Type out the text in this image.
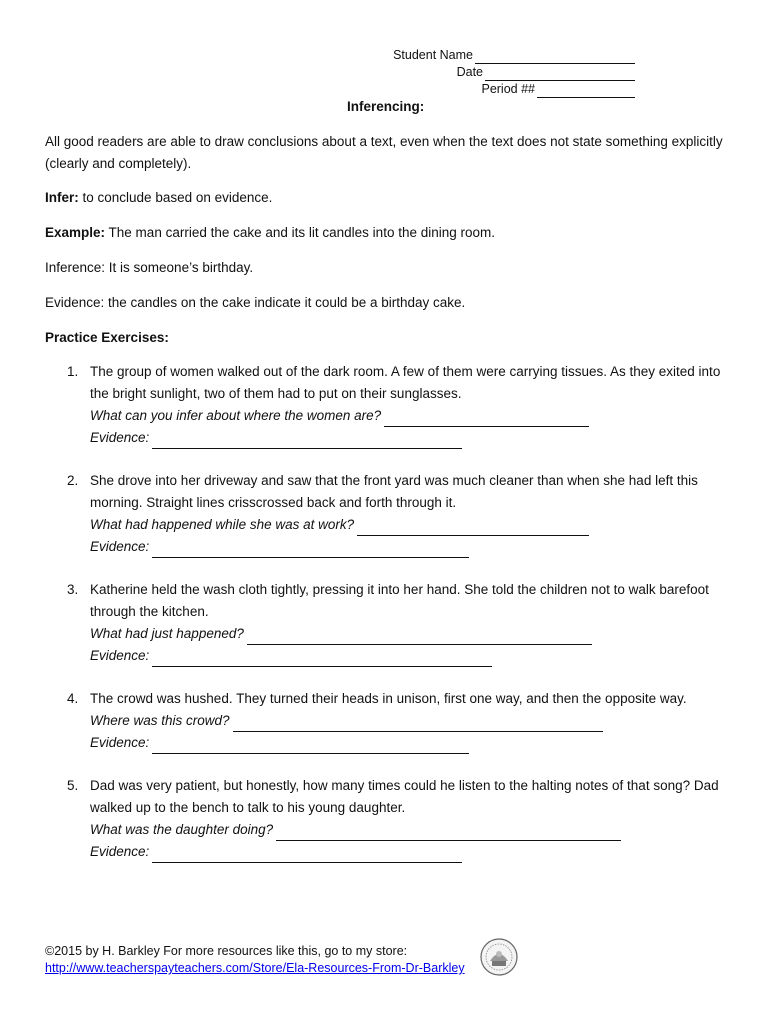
Student Name
Date
Period ##
Inferencing:
All good readers are able to draw conclusions about a text, even when the text does not state something explicitly (clearly and completely).
Infer: to conclude based on evidence.
Example: The man carried the cake and its lit candles into the dining room.
Inference: It is someone’s birthday.
Evidence: the candles on the cake indicate it could be a birthday cake.
Practice Exercises:
1. The group of women walked out of the dark room. A few of them were carrying tissues. As they exited into the bright sunlight, two of them had to put on their sunglasses.
What can you infer about where the women are?
Evidence:
2. She drove into her driveway and saw that the front yard was much cleaner than when she had left this morning. Straight lines crisscrossed back and forth through it.
What had happened while she was at work?
Evidence:
3. Katherine held the wash cloth tightly, pressing it into her hand. She told the children not to walk barefoot through the kitchen.
What had just happened?
Evidence:
4. The crowd was hushed. They turned their heads in unison, first one way, and then the opposite way.
Where was this crowd?
Evidence:
5. Dad was very patient, but honestly, how many times could he listen to the halting notes of that song? Dad walked up to the bench to talk to his young daughter.
What was the daughter doing?
Evidence:
©2015 by H. Barkley For more resources like this, go to my store:
http://www.teacherspayteachers.com/Store/Ela-Resources-From-Dr-Barkley
